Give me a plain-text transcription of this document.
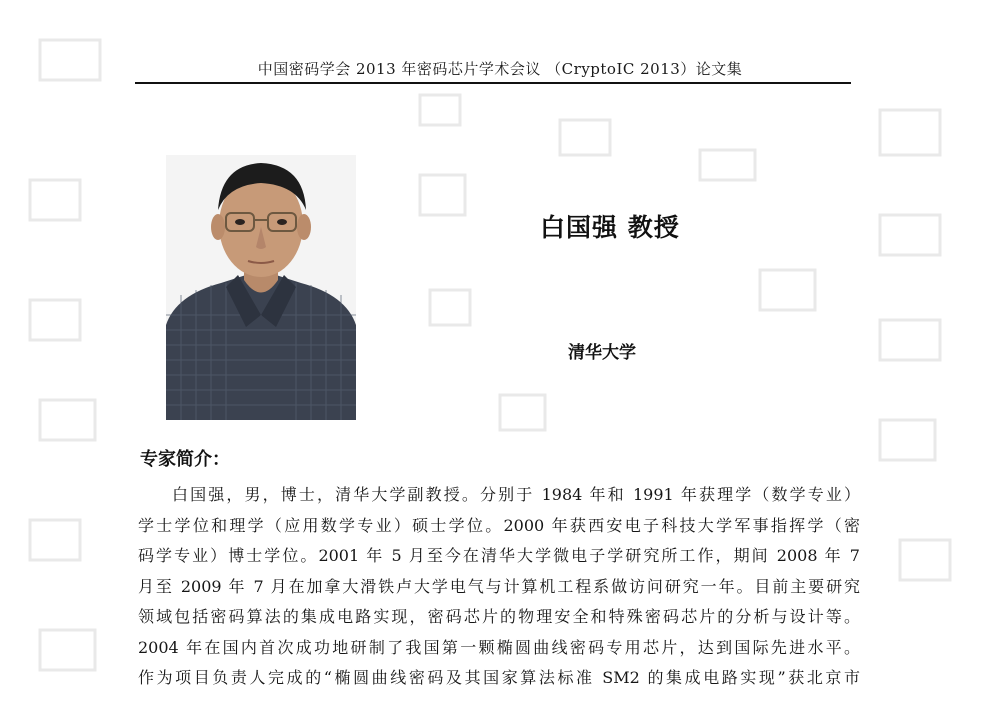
中国密码学会 2013 年密码芯片学术会议 （CryptoIC 2013）论文集
白国强 教授
清华大学
专家简介：
白国强，男，博士，清华大学副教授。分别于 1984 年和 1991 年获理学（数学专业）
学士学位和理学（应用数学专业）硕士学位。2000 年获西安电子科技大学军事指挥学（密
码学专业）博士学位。2001 年 5 月至今在清华大学微电子学研究所工作，期间 2008 年 7
月至 2009 年 7 月在加拿大滑铁卢大学电气与计算机工程系做访问研究一年。目前主要研究
领域包括密码算法的集成电路实现，密码芯片的物理安全和特殊密码芯片的分析与设计等。
2004 年在国内首次成功地研制了我国第一颗椭圆曲线密码专用芯片，达到国际先进水平。
作为项目负责人完成的“椭圆曲线密码及其国家算法标准 SM2 的集成电路实现”获北京市
